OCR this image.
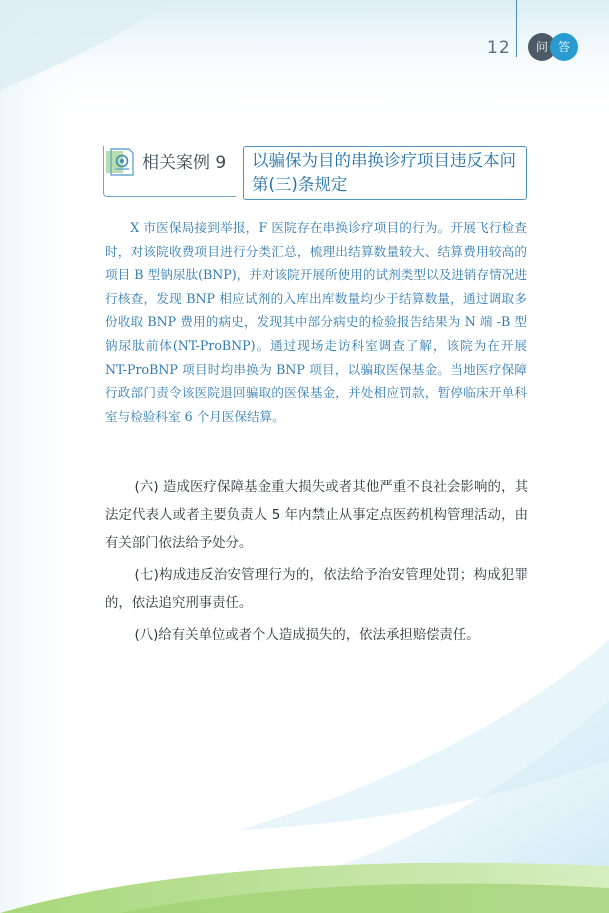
12	问 答
相关案例 9 以骗保为目的串换诊疗项目违反本问第(三)条规定
X 市医保局接到举报，F 医院存在串换诊疗项目的行为。开展飞行检查时，对该院收费项目进行分类汇总，梳理出结算数量较大、结算费用较高的项目 B 型钠尿肽(BNP)，并对该院开展所使用的试剂类型以及进销存情况进行核查，发现 BNP 相应试剂的入库出库数量均少于结算数量，通过调取多份收取 BNP 费用的病史，发现其中部分病史的检验报告结果为 N 端 -B 型钠尿肽前体(NT-ProBNP)。通过现场走访科室调查了解，该院为在开展 NT-ProBNP 项目时均串换为 BNP 项目，以骗取医保基金。当地医疗保障行政部门责令该医院退回骗取的医保基金，并处相应罚款，暂停临床开单科室与检验科室 6 个月医保结算。
(六) 造成医疗保障基金重大损失或者其他严重不良社会影响的，其法定代表人或者主要负责人 5 年内禁止从事定点医药机构管理活动，由有关部门依法给予处分。
(七)构成违反治安管理行为的，依法给予治安管理处罚；构成犯罪的，依法追究刑事责任。
(八)给有关单位或者个人造成损失的，依法承担赔偿责任。
